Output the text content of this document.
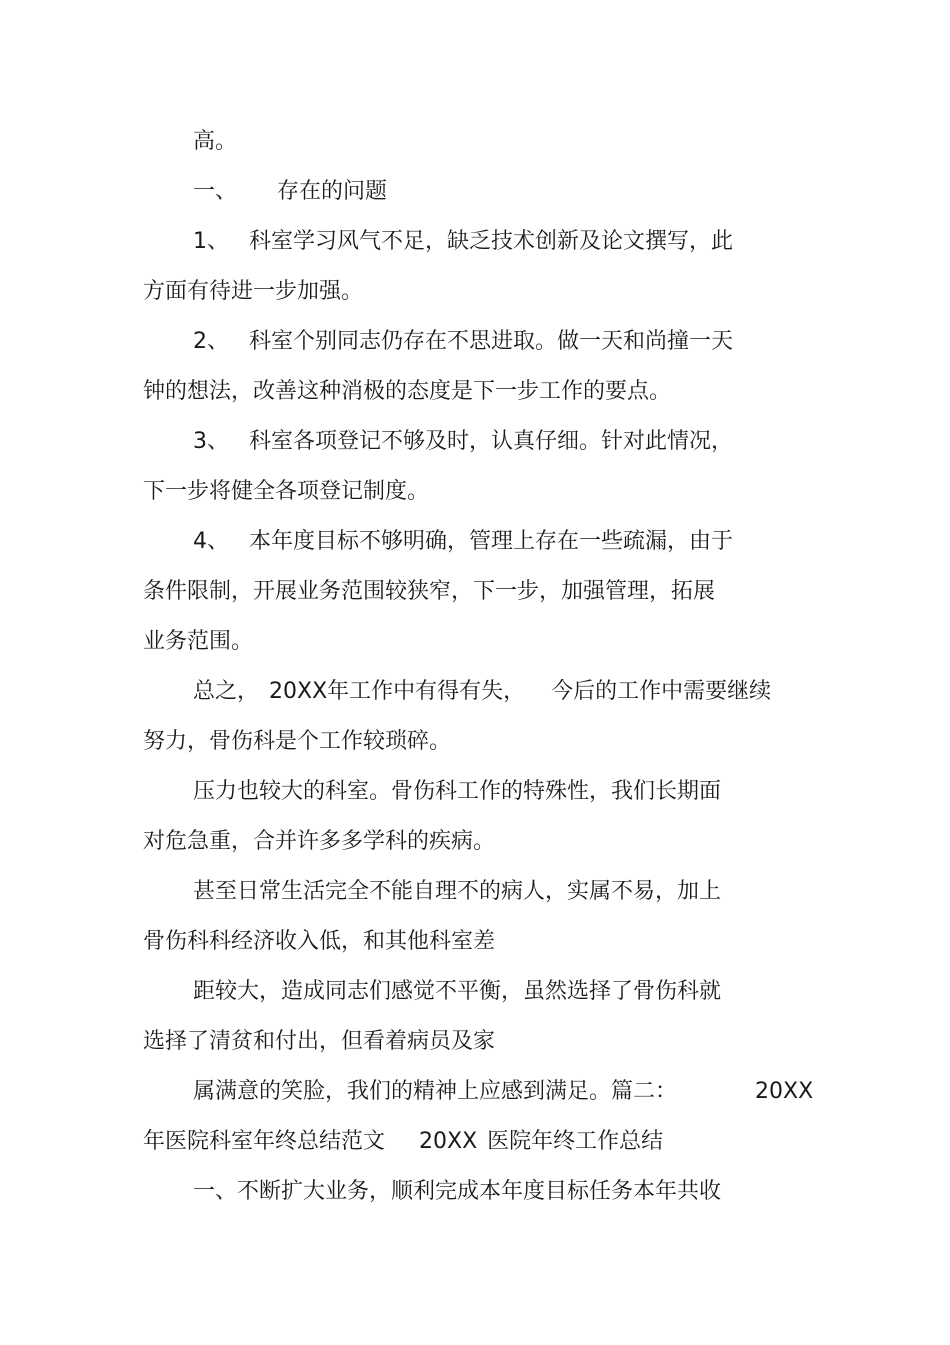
高。
一、 存在的问题
1、 科室学习风气不足，缺乏技术创新及论文撰写，此
方面有待进一步加强。
2、 科室个别同志仍存在不思进取。做一天和尚撞一天
钟的想法，改善这种消极的态度是下一步工作的要点。
3、 科室各项登记不够及时，认真仔细。针对此情况，
下一步将健全各项登记制度。
4、 本年度目标不够明确，管理上存在一些疏漏，由于
条件限制，开展业务范围较狭窄，下一步，加强管理，拓展
业务范围。
总之， 20XX年工作中有得有失， 今后的工作中需要继续
努力，骨伤科是个工作较琐碎。
压力也较大的科室。骨伤科工作的特殊性，我们长期面
对危急重，合并许多多学科的疾病。
甚至日常生活完全不能自理不的病人，实属不易，加上
骨伤科科经济收入低，和其他科室差
距较大，造成同志们感觉不平衡，虽然选择了骨伤科就
选择了清贫和付出，但看着病员及家
属满意的笑脸，我们的精神上应感到满足。篇二：	20XX
年医院科室年终总结范文 20XX 医院年终工作总结
一、不断扩大业务，顺利完成本年度目标任务本年共收
